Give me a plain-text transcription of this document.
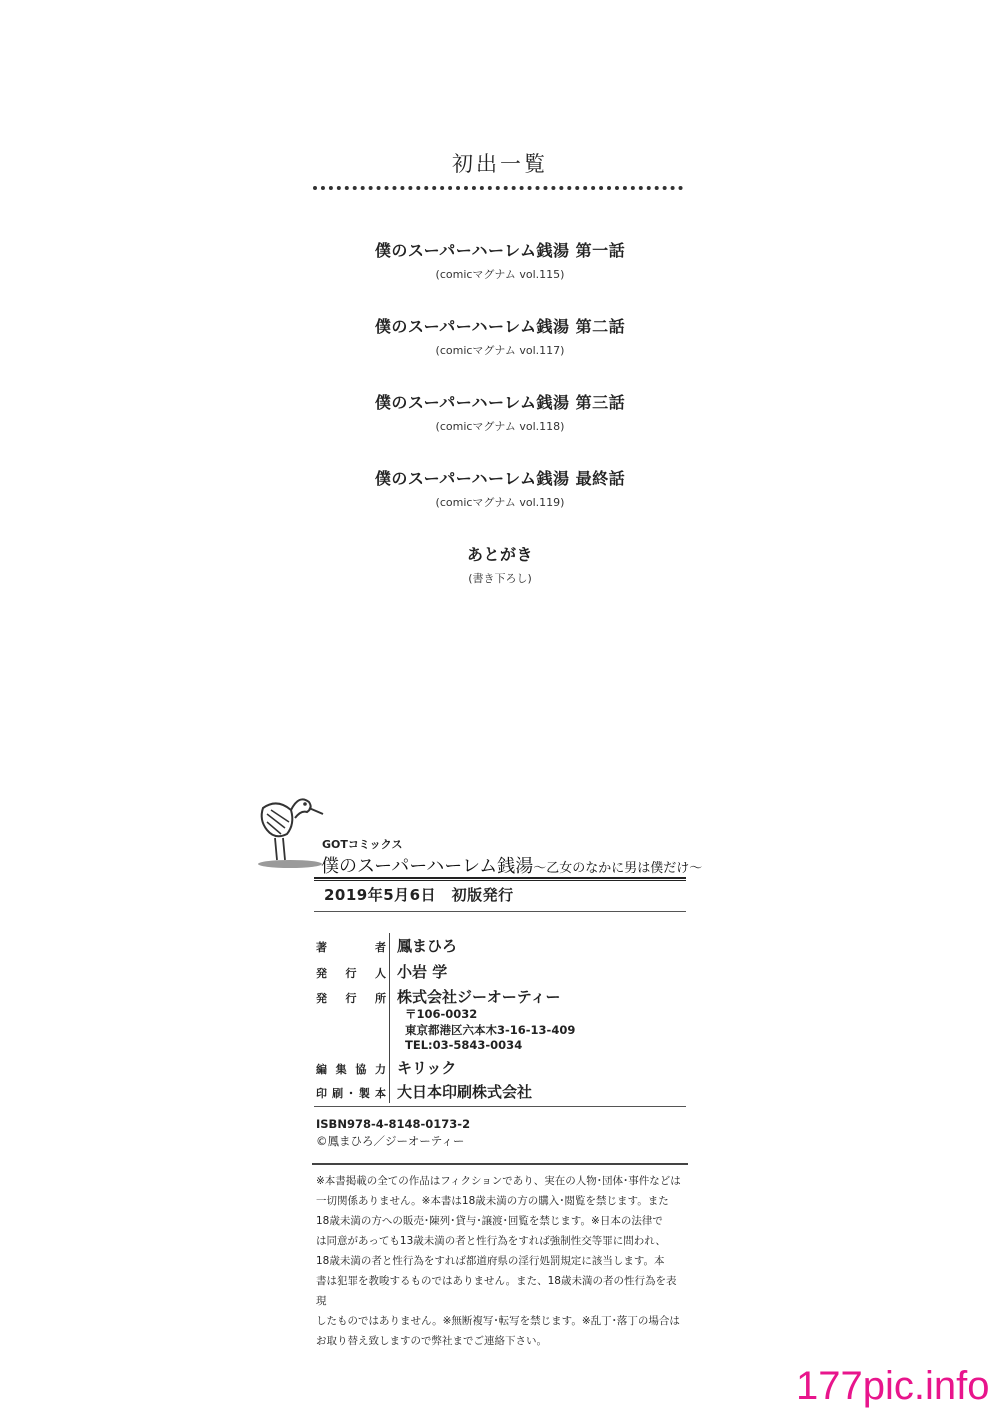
初出一覧
僕のスーパーハーレム銭湯 第一話
(comicマグナム vol.115)
僕のスーパーハーレム銭湯 第二話
(comicマグナム vol.117)
僕のスーパーハーレム銭湯 第三話
(comicマグナム vol.118)
僕のスーパーハーレム銭湯 最終話
(comicマグナム vol.119)
あとがき
(書き下ろし)
GOTコミックス
僕のスーパーハーレム銭湯～乙女のなかに男は僕だけ～
2019年5月6日　初版発行
著者 鳳まひろ
発行人 小岩 学
発行所 株式会社ジーオーティー
〒106-0032
東京都港区六本木3-16-13-409
TEL:03-5843-0034
編集協力 キリック
印刷･製本 大日本印刷株式会社
ISBN978-4-8148-0173-2
©鳳まひろ／ジーオーティー
※本書掲載の全ての作品はフィクションであり、実在の人物･団体･事件などは
一切関係ありません。※本書は18歳未満の方の購入･閲覧を禁じます。また
18歳未満の方への販売･陳列･貸与･譲渡･回覧を禁じます。※日本の法律で
は同意があっても13歳未満の者と性行為をすれば強制性交等罪に問われ、
18歳未満の者と性行為をすれば都道府県の淫行処罰規定に該当します。本
書は犯罪を教唆するものではありません。また、18歳未満の者の性行為を表現
したものではありません。※無断複写･転写を禁じます。※乱丁･落丁の場合は
お取り替え致しますので弊社までご連絡下さい。
177pic.info
